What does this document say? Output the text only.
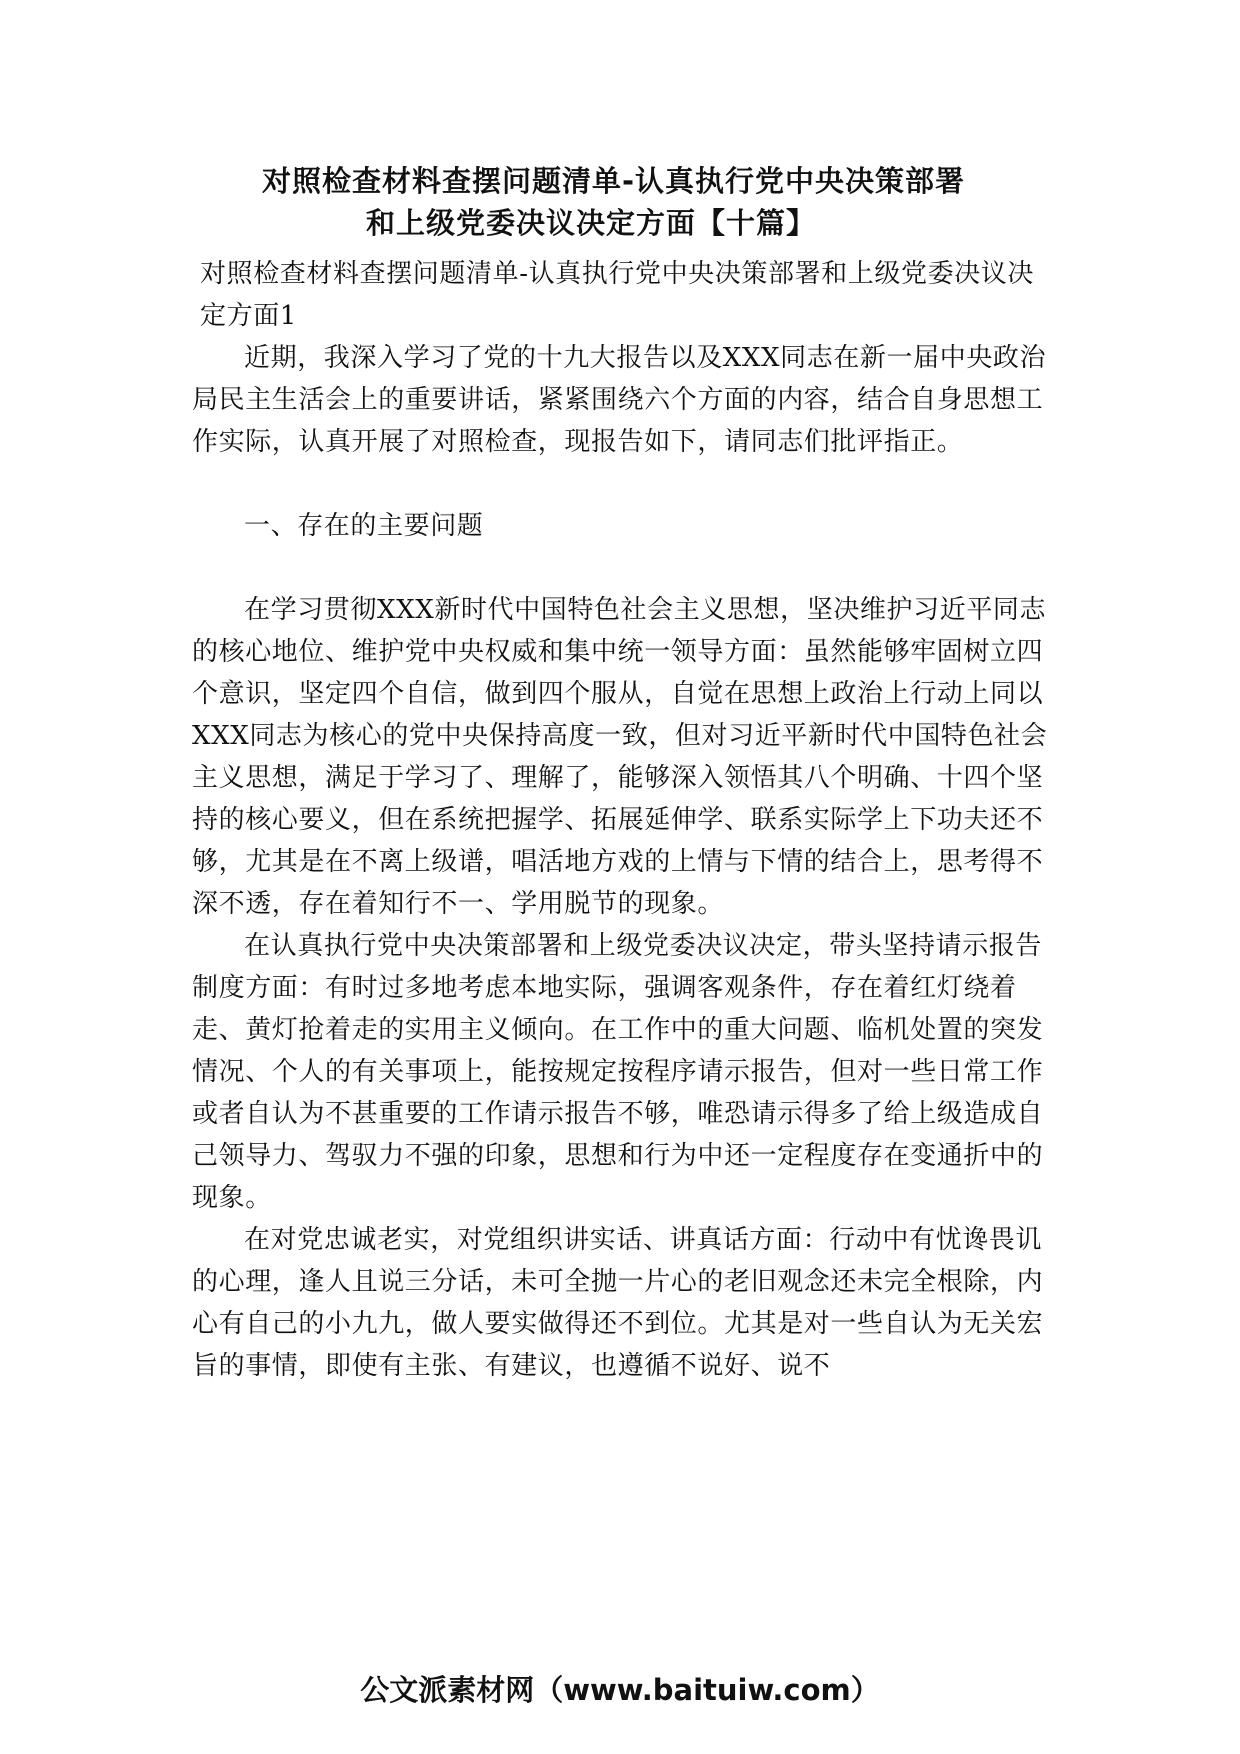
对照检查材料查摆问题清单-认真执行党中央决策部署
和上级党委决议决定方面【十篇】

对照检查材料查摆问题清单-认真执行党中央决策部署和上级党委决议决定方面1

近期，我深入学习了党的十九大报告以及XXX同志在新一届中央政治局民主生活会上的重要讲话，紧紧围绕六个方面的内容，结合自身思想工作实际，认真开展了对照检查，现报告如下，请同志们批评指正。

一、存在的主要问题

在学习贯彻XXX新时代中国特色社会主义思想，坚决维护习近平同志的核心地位、维护党中央权威和集中统一领导方面：虽然能够牢固树立四个意识，坚定四个自信，做到四个服从，自觉在思想上政治上行动上同以XXX同志为核心的党中央保持高度一致，但对习近平新时代中国特色社会主义思想，满足于学习了、理解了，能够深入领悟其八个明确、十四个坚持的核心要义，但在系统把握学、拓展延伸学、联系实际学上下功夫还不够，尤其是在不离上级谱，唱活地方戏的上情与下情的结合上，思考得不深不透，存在着知行不一、学用脱节的现象。

在认真执行党中央决策部署和上级党委决议决定，带头坚持请示报告制度方面：有时过多地考虑本地实际，强调客观条件，存在着红灯绕着走、黄灯抢着走的实用主义倾向。在工作中的重大问题、临机处置的突发情况、个人的有关事项上，能按规定按程序请示报告，但对一些日常工作或者自认为不甚重要的工作请示报告不够，唯恐请示得多了给上级造成自己领导力、驾驭力不强的印象，思想和行为中还一定程度存在变通折中的现象。

在对党忠诚老实，对党组织讲实话、讲真话方面：行动中有忧谗畏讥的心理，逢人且说三分话，未可全抛一片心的老旧观念还未完全根除，内心有自己的小九九，做人要实做得还不到位。尤其是对一些自认为无关宏旨的事情，即使有主张、有建议，也遵循不说好、说不

公文派素材网（www.baituiw.com）
